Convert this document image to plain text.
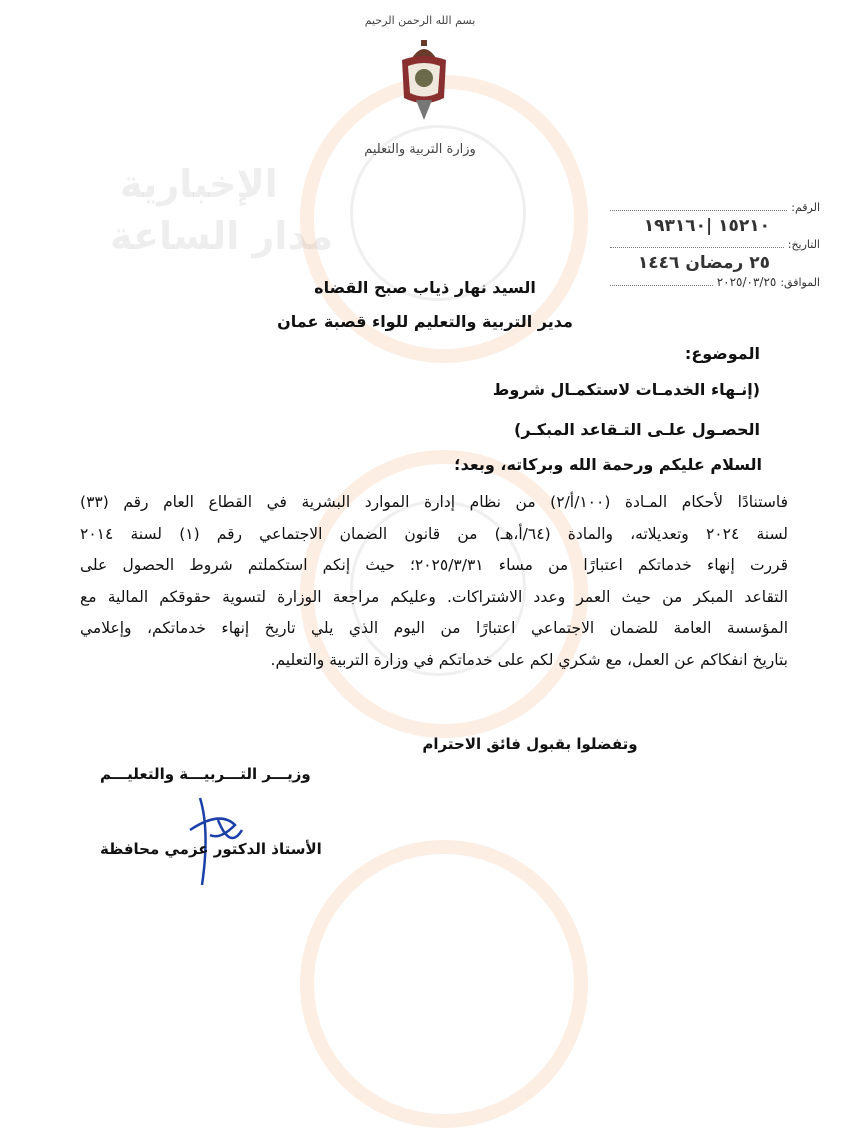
الإخبارية
مدار الساعة
بسم الله الرحمن الرحيم
وزارة التربية والتعليم
الرقم:
١٥٢١٠ |١٩٣١٦٠
التاريخ:
٢٥ رمضان ١٤٤٦
الموافق:
٢٠٢٥/٠٣/٢٥
السيد نهار ذياب صبح القضاه
مدير التربية والتعليم للواء قصبة عمان
الموضوع:
(إنـهاء الخدمـات لاستكمـال شروط
الحصـول علـى التـقاعد المبكـر)
السلام عليكم ورحمة الله وبركاته، وبعد؛
فاستنادًا لأحكام المـادة (١٠٠/أ/٢) من نظام إدارة الموارد البشرية في القطاع العام رقم (٣٣)
لسنة ٢٠٢٤ وتعديلاته، والمادة (٦٤/أ،هـ) من قانون الضمان الاجتماعي رقم (١) لسنة ٢٠١٤
قررت إنهاء خدماتكم اعتبارًا من مساء ٢٠٢٥/٣/٣١؛ حيث إنكم استكملتم شروط الحصول على
التقاعد المبكر من حيث العمر وعدد الاشتراكات. وعليكم مراجعة الوزارة لتسوية حقوقكم المالية مع
المؤسسة العامة للضمان الاجتماعي اعتبارًا من اليوم الذي يلي تاريخ إنهاء خدماتكم، وإعلامي
بتاريخ انفكاكم عن العمل، مع شكري لكم على خدماتكم في وزارة التربية والتعليم.
وتفضلوا بقبول فائق الاحترام
وزيـــر التـــربيـــة والتعليـــم
الأستاذ الدكتور عزمي محافظة
